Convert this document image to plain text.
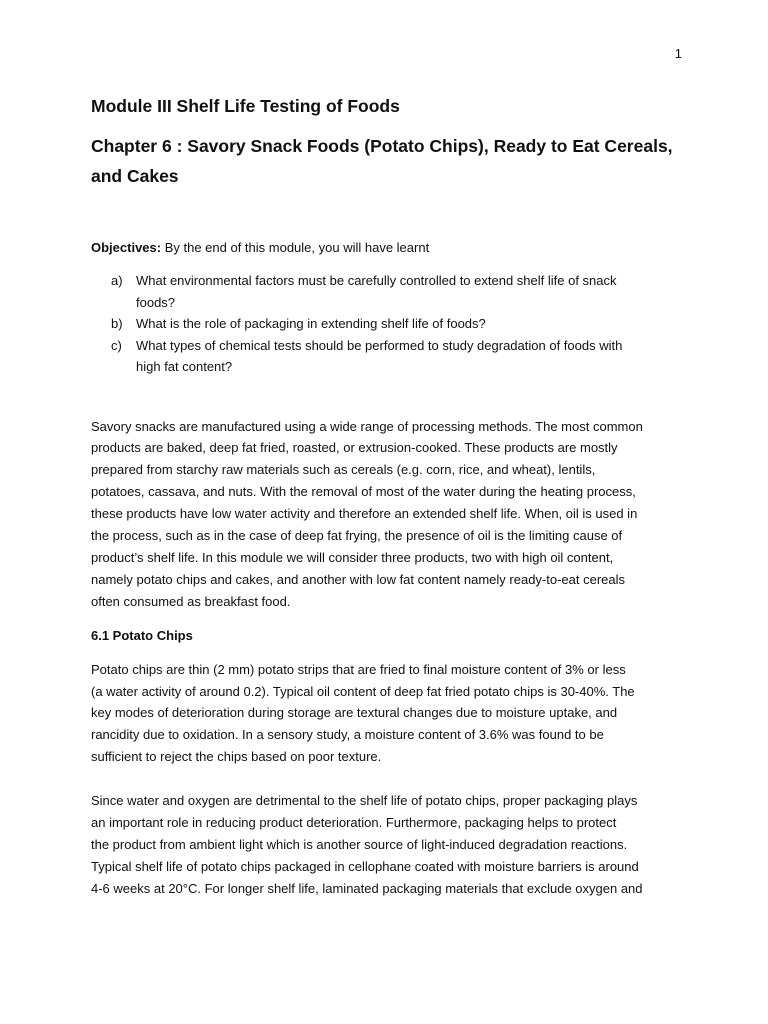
1
Module III Shelf Life Testing of Foods
Chapter 6 : Savory Snack Foods (Potato Chips), Ready to Eat Cereals,
and Cakes

Objectives: By the end of this module, you will have learnt

a) What environmental factors must be carefully controlled to extend shelf life of snack
foods?
b) What is the role of packaging in extending shelf life of foods?
c) What types of chemical tests should be performed to study degradation of foods with
high fat content?

Savory snacks are manufactured using a wide range of processing methods. The most common
products are baked, deep fat fried, roasted, or extrusion-cooked. These products are mostly
prepared from starchy raw materials such as cereals (e.g. corn, rice, and wheat), lentils,
potatoes, cassava, and nuts. With the removal of most of the water during the heating process,
these products have low water activity and therefore an extended shelf life. When, oil is used in
the process, such as in the case of deep fat frying, the presence of oil is the limiting cause of
product’s shelf life. In this module we will consider three products, two with high oil content,
namely potato chips and cakes, and another with low fat content namely ready-to-eat cereals
often consumed as breakfast food.

6.1 Potato Chips

Potato chips are thin (2 mm) potato strips that are fried to final moisture content of 3% or less
(a water activity of around 0.2). Typical oil content of deep fat fried potato chips is 30-40%. The
key modes of deterioration during storage are textural changes due to moisture uptake, and
rancidity due to oxidation. In a sensory study, a moisture content of 3.6% was found to be
sufficient to reject the chips based on poor texture.

Since water and oxygen are detrimental to the shelf life of potato chips, proper packaging plays
an important role in reducing product deterioration. Furthermore, packaging helps to protect
the product from ambient light which is another source of light-induced degradation reactions.
Typical shelf life of potato chips packaged in cellophane coated with moisture barriers is around
4-6 weeks at 20°C. For longer shelf life, laminated packaging materials that exclude oxygen and
